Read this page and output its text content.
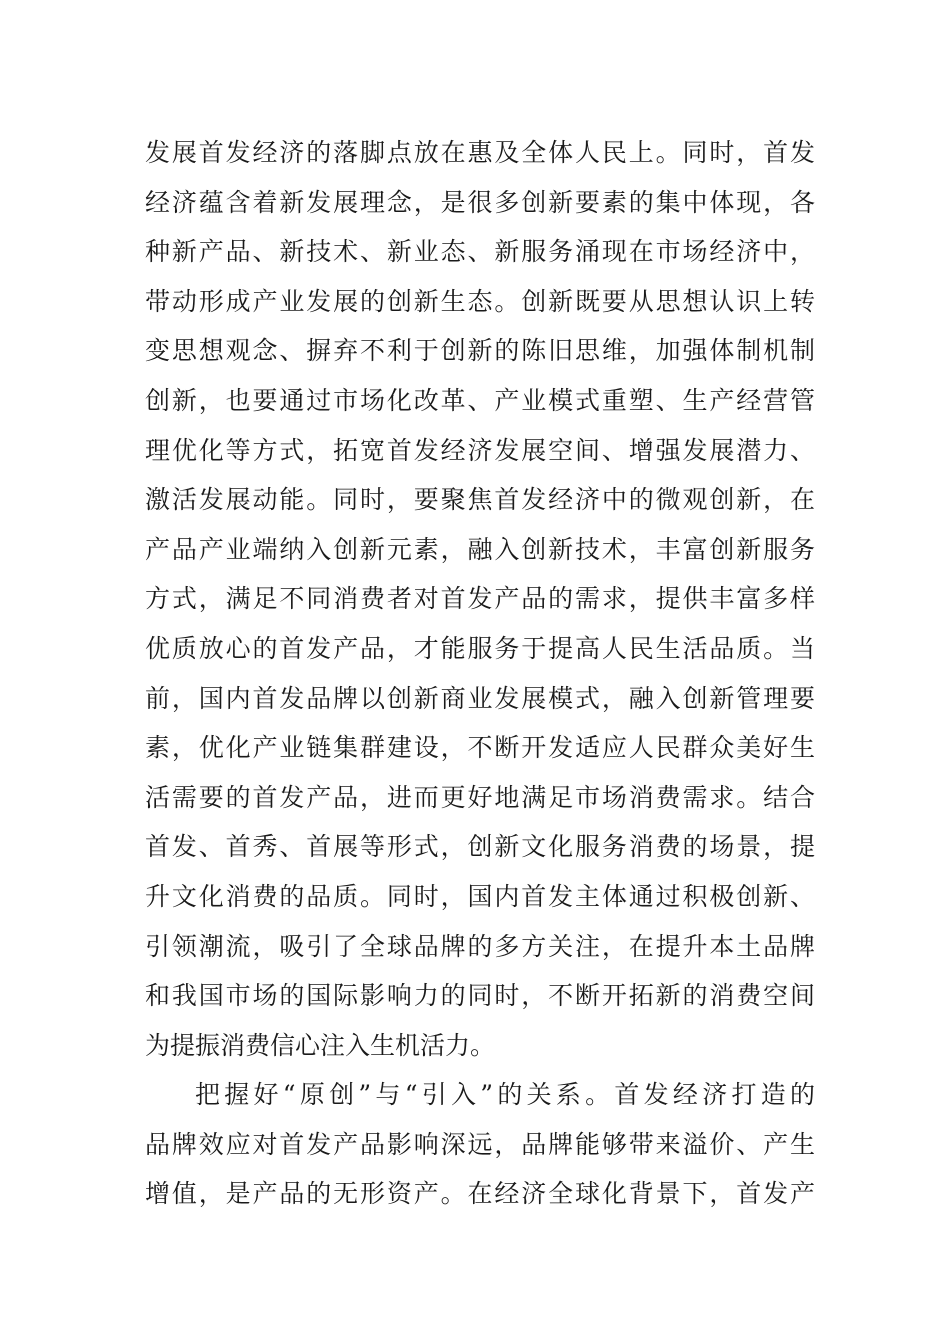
发展首发经济的落脚点放在惠及全体人民上。同时，首发
经济蕴含着新发展理念，是很多创新要素的集中体现，各
种新产品、新技术、新业态、新服务涌现在市场经济中，
带动形成产业发展的创新生态。创新既要从思想认识上转
变思想观念、摒弃不利于创新的陈旧思维，加强体制机制
创新，也要通过市场化改革、产业模式重塑、生产经营管
理优化等方式，拓宽首发经济发展空间、增强发展潜力、
激活发展动能。同时，要聚焦首发经济中的微观创新，在
产品产业端纳入创新元素，融入创新技术，丰富创新服务
方式，满足不同消费者对首发产品的需求，提供丰富多样
优质放心的首发产品，才能服务于提高人民生活品质。当
前，国内首发品牌以创新商业发展模式，融入创新管理要
素，优化产业链集群建设，不断开发适应人民群众美好生
活需要的首发产品，进而更好地满足市场消费需求。结合
首发、首秀、首展等形式，创新文化服务消费的场景，提
升文化消费的品质。同时，国内首发主体通过积极创新、
引领潮流，吸引了全球品牌的多方关注，在提升本土品牌
和我国市场的国际影响力的同时，不断开拓新的消费空间
为提振消费信心注入生机活力。
把握好“原创”与“引入”的关系。首发经济打造的
品牌效应对首发产品影响深远，品牌能够带来溢价、产生
增值，是产品的无形资产。在经济全球化背景下，首发产
